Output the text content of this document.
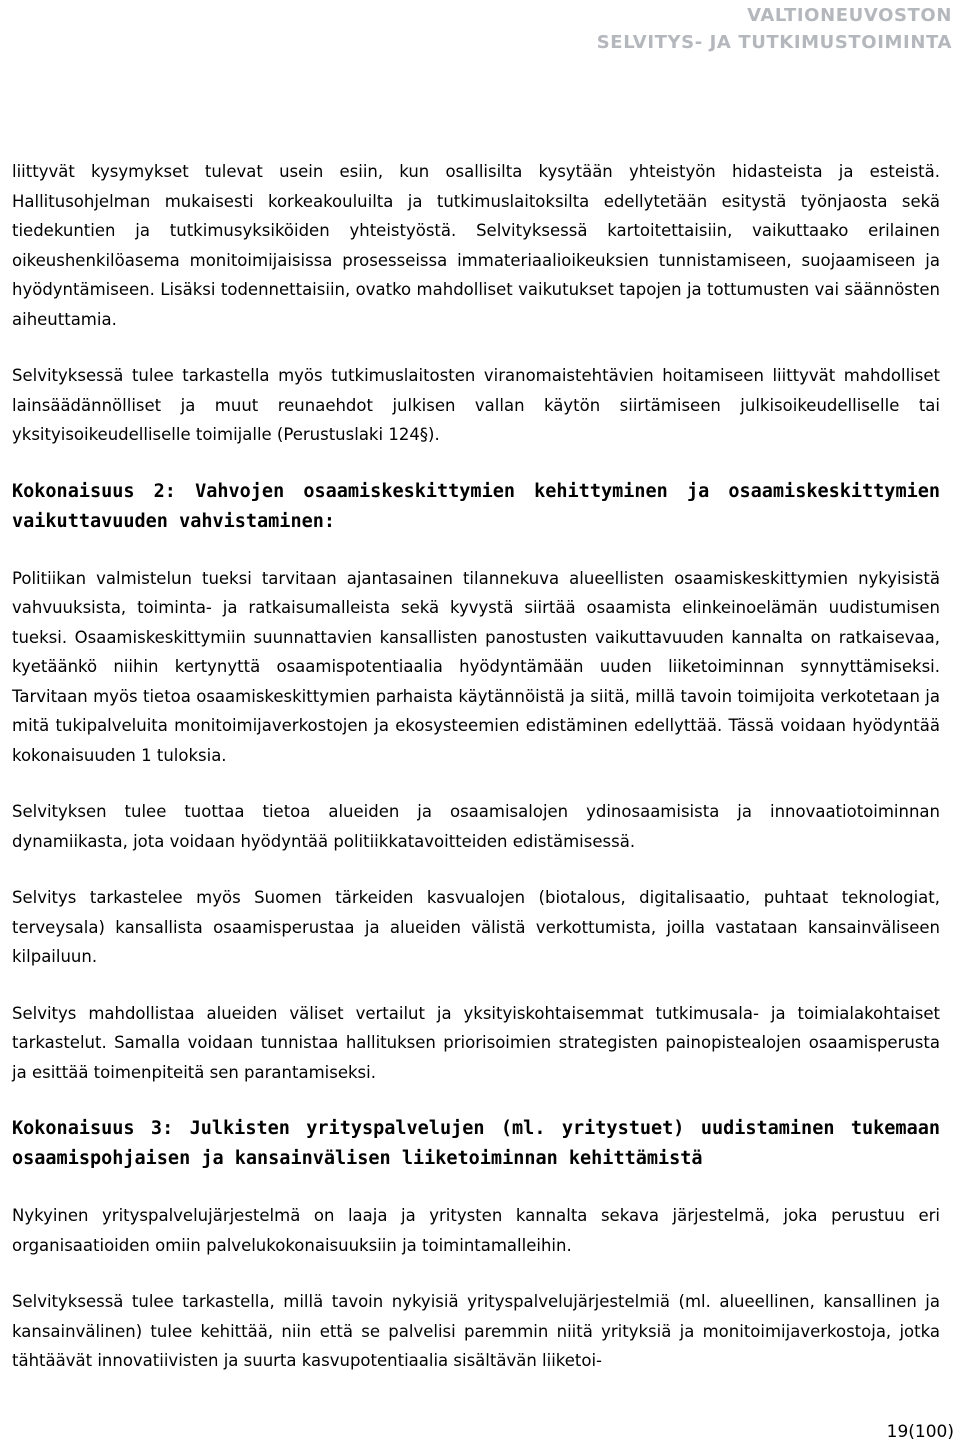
VALTIONEUVOSTON
SELVITYS- JA TUTKIMUSTOIMINTA

liittyvät kysymykset tulevat usein esiin, kun osallisilta kysytään yhteistyön hidasteista ja esteistä. Hallitusohjelman mukaisesti korkeakouluilta ja tutkimuslaitoksilta edellytetään esitystä työnjaosta sekä tiedekuntien ja tutkimusyksiköiden yhteistyöstä. Selvityksessä kartoitettaisiin, vaikuttaako erilainen oikeushenkilöasema monitoimijaisissa prosesseissa immateriaalioikeuksien tunnistamiseen, suojaamiseen ja hyödyntämiseen. Lisäksi todennettaisiin, ovatko mahdolliset vaikutukset tapojen ja tottumusten vai säännösten aiheuttamia.

Selvityksessä tulee tarkastella myös tutkimuslaitosten viranomaistehtävien hoitamiseen liittyvät mahdolliset lainsäädännölliset ja muut reunaehdot julkisen vallan käytön siirtämiseen julkisoikeudelliselle tai yksityisoikeudelliselle toimijalle (Perustuslaki 124§).

Kokonaisuus 2: Vahvojen osaamiskeskittymien kehittyminen ja osaamiskeskittymien vaikuttavuuden vahvistaminen:

Politiikan valmistelun tueksi tarvitaan ajantasainen tilannekuva alueellisten osaamiskeskittymien nykyisistä vahvuuksista, toiminta- ja ratkaisumalleista sekä kyvystä siirtää osaamista elinkeinoelämän uudistumisen tueksi. Osaamiskeskittymiin suunnattavien kansallisten panostusten vaikuttavuuden kannalta on ratkaisevaa, kyetäänkö niihin kertynyttä osaamispotentiaalia hyödyntämään uuden liiketoiminnan synnyttämiseksi. Tarvitaan myös tietoa osaamiskeskittymien parhaista käytännöistä ja siitä, millä tavoin toimijoita verkotetaan ja mitä tukipalveluita monitoimijaverkostojen ja ekosysteemien edistäminen edellyttää. Tässä voidaan hyödyntää kokonaisuuden 1 tuloksia.

Selvityksen tulee tuottaa tietoa alueiden ja osaamisalojen ydinosaamisista ja innovaatiotoiminnan dynamiikasta, jota voidaan hyödyntää politiikkatavoitteiden edistämisessä.

Selvitys tarkastelee myös Suomen tärkeiden kasvualojen (biotalous, digitalisaatio, puhtaat teknologiat, terveysala) kansallista osaamisperustaa ja alueiden välistä verkottumista, joilla vastataan kansainväliseen kilpailuun.

Selvitys mahdollistaa alueiden väliset vertailut ja yksityiskohtaisemmat tutkimusala- ja toimialakohtaiset tarkastelut. Samalla voidaan tunnistaa hallituksen priorisoimien strategisten painopistealojen osaamisperusta ja esittää toimenpiteitä sen parantamiseksi.

Kokonaisuus 3: Julkisten yrityspalvelujen (ml. yritystuet) uudistaminen tukemaan osaamispohjaisen ja kansainvälisen liiketoiminnan kehittämistä

Nykyinen yrityspalvelujärjestelmä on laaja ja yritysten kannalta sekava järjestelmä, joka perustuu eri organisaatioiden omiin palvelukokonaisuuksiin ja toimintamalleihin.

Selvityksessä tulee tarkastella, millä tavoin nykyisiä yrityspalvelujärjestelmiä (ml. alueellinen, kansallinen ja kansainvälinen) tulee kehittää, niin että se palvelisi paremmin niitä yrityksiä ja monitoimijaverkostoja, jotka tähtäävät innovatiivisten ja suurta kasvupotentiaalia sisältävän liiketoi-

19(100)
